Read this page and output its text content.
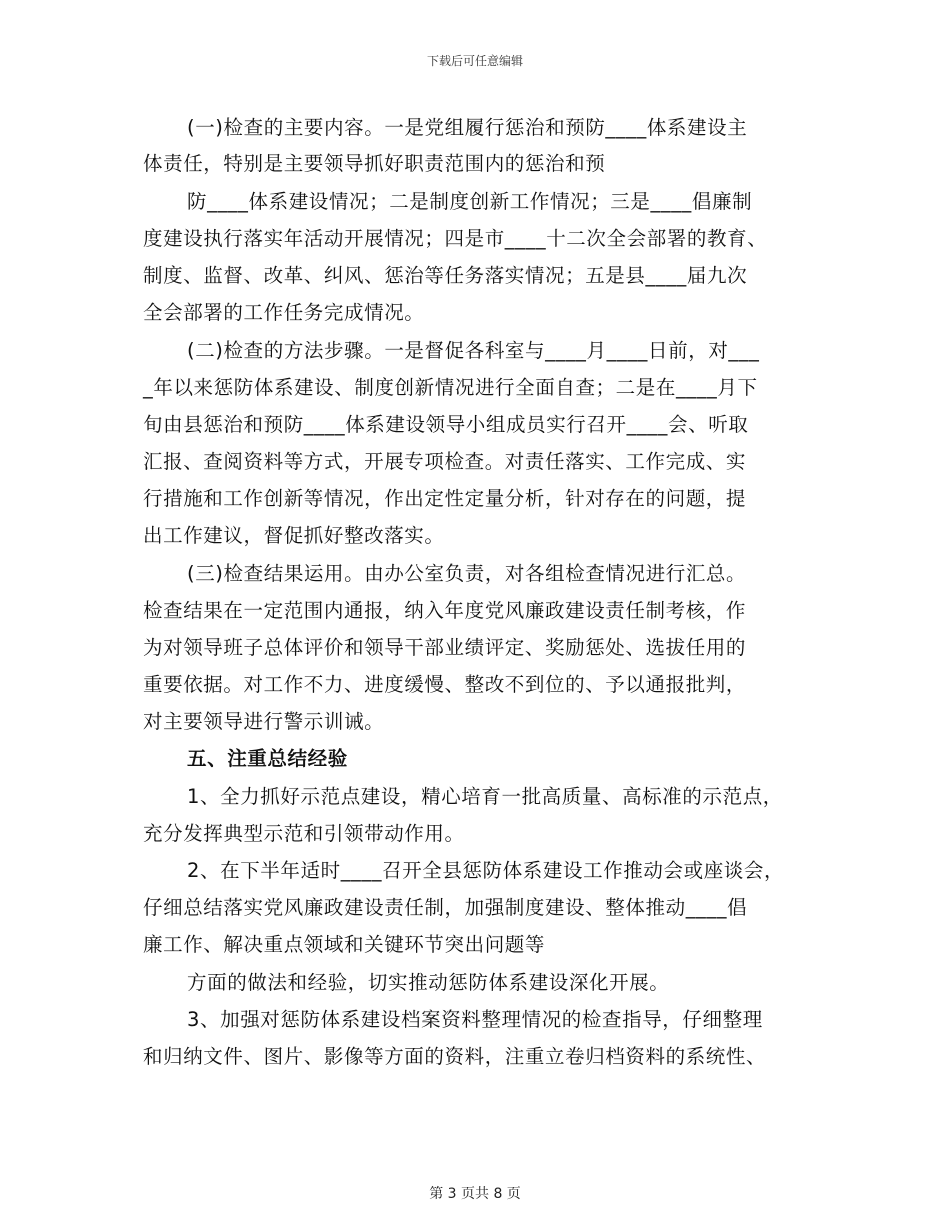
下载后可任意编辑
(一)检查的主要内容。一是党组履行惩治和预防____体系建设主
体责任，特别是主要领导抓好职责范围内的惩治和预
防____体系建设情况；二是制度创新工作情况；三是____倡廉制
度建设执行落实年活动开展情况；四是市____十二次全会部署的教育、
制度、监督、改革、纠风、惩治等任务落实情况；五是县____届九次
全会部署的工作任务完成情况。
(二)检查的方法步骤。一是督促各科室与____月____日前，对___
_年以来惩防体系建设、制度创新情况进行全面自查；二是在____月下
旬由县惩治和预防____体系建设领导小组成员实行召开____会、听取
汇报、查阅资料等方式，开展专项检查。对责任落实、工作完成、实
行措施和工作创新等情况，作出定性定量分析，针对存在的问题，提
出工作建议，督促抓好整改落实。
(三)检查结果运用。由办公室负责，对各组检查情况进行汇总。
检查结果在一定范围内通报，纳入年度党风廉政建设责任制考核，作
为对领导班子总体评价和领导干部业绩评定、奖励惩处、选拔任用的
重要依据。对工作不力、进度缓慢、整改不到位的、予以通报批判，
对主要领导进行警示训诫。
五、注重总结经验
1、全力抓好示范点建设，精心培育一批高质量、高标准的示范点，
充分发挥典型示范和引领带动作用。
2、在下半年适时____召开全县惩防体系建设工作推动会或座谈会，
仔细总结落实党风廉政建设责任制，加强制度建设、整体推动____倡
廉工作、解决重点领域和关键环节突出问题等
方面的做法和经验，切实推动惩防体系建设深化开展。
3、加强对惩防体系建设档案资料整理情况的检查指导，仔细整理
和归纳文件、图片、影像等方面的资料，注重立卷归档资料的系统性、
第 3 页共 8 页
